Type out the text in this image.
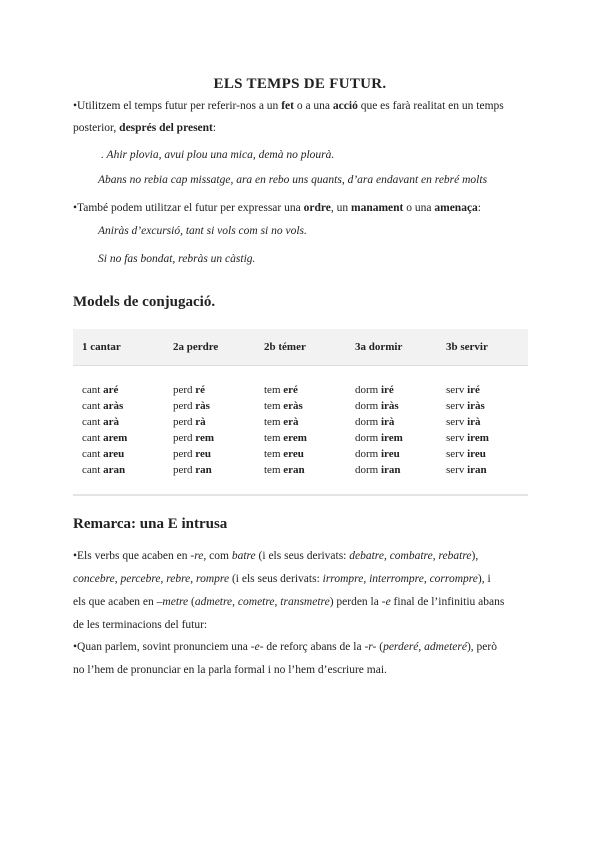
ELS TEMPS DE FUTUR.
•Utilitzem el temps futur per referir-nos a un fet o a una acció que es farà realitat en un temps
posterior, després del present:
. Ahir plovia, avui plou una mica, demà no plourà.
Abans no rebia cap missatge, ara en rebo uns quants, d’ara endavant en rebré molts
•També podem utilitzar el futur per expressar una ordre, un manament o una amenaça:
Aniràs d’excursió, tant si vols com si no vols.
Si no fas bondat, rebràs un càstig.
Models de conjugació.
1 cantar	2a perdre	2b témer	3a dormir	3b servir

cant aré	perd ré	tem eré	dorm iré	serv iré
cant aràs	perd ràs	tem eràs	dorm iràs	serv iràs
cant arà	perd rà	tem erà	dorm irà	serv irà
cant arem	perd rem	tem erem	dorm irem	serv irem
cant areu	perd reu	tem ereu	dorm ireu	serv ireu
cant aran	perd ran	tem eran	dorm iran	serv iran
Remarca: una E intrusa
•Els verbs que acaben en -re, com batre (i els seus derivats: debatre, combatre, rebatre),
concebre, percebre, rebre, rompre (i els seus derivats: irrompre, interrompre, corrompre), i
els que acaben en –metre (admetre, cometre, transmetre) perden la -e final de l’infinitiu abans
de les terminacions del futur:
•Quan parlem, sovint pronunciem una -e- de reforç abans de la -r- (perderé, admeteré), però
no l’hem de pronunciar en la parla formal i no l’hem d’escriure mai.
